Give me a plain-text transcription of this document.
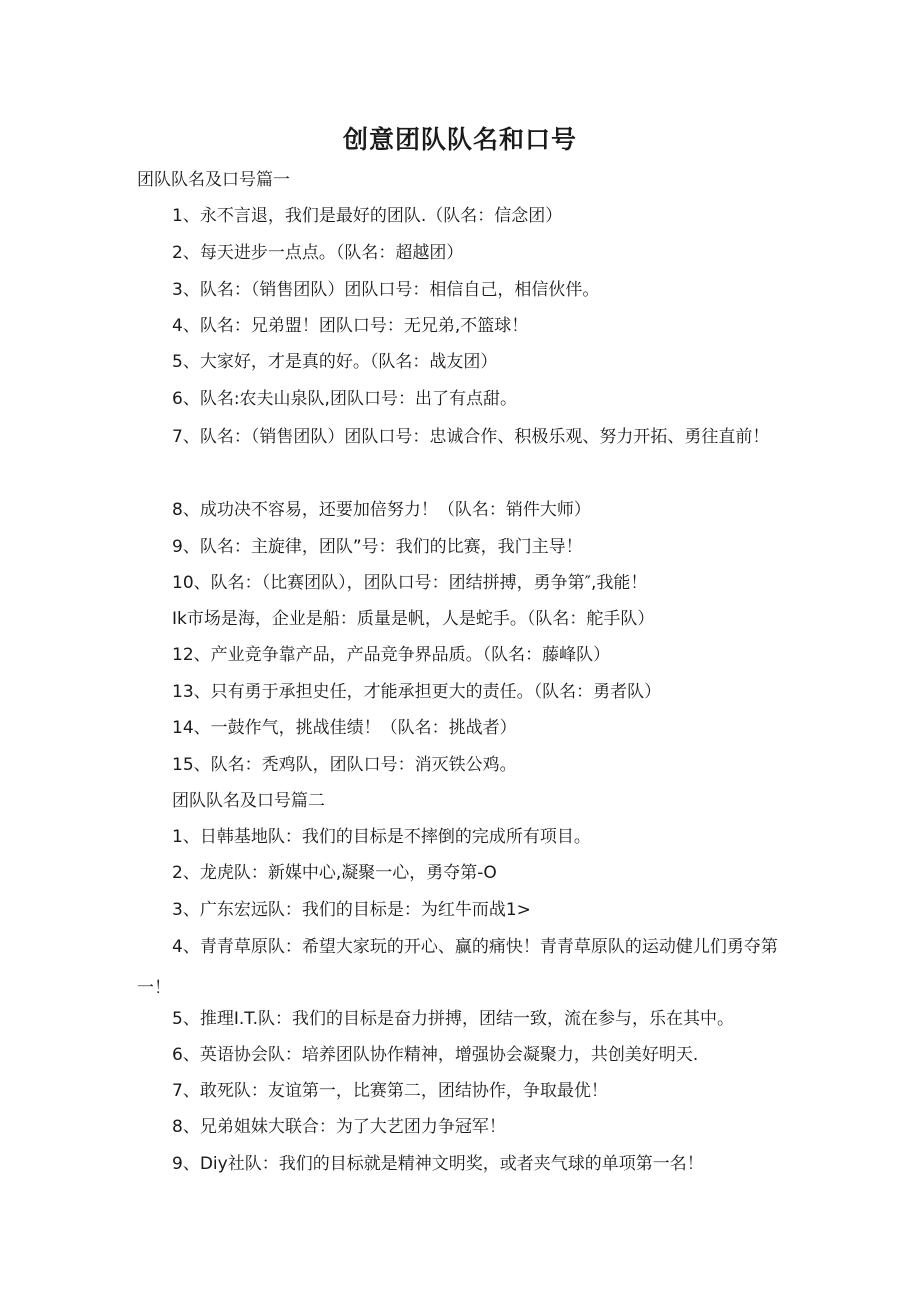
创意团队队名和口号
团队队名及口号篇一
1、永不言退，我们是最好的团队.（队名：信念团）
2、每天进步一点点。（队名：超越团）
3、队名：（销售团队）团队口号：相信自己，相信伙伴。
4、队名：兄弟盟！团队口号：无兄弟,不篮球！
5、大家好，才是真的好。（队名：战友团）
6、队名:农夫山泉队,团队口号：出了有点甜。
7、队名：（销售团队）团队口号：忠诚合作、积极乐观、努力开拓、勇往直前！
8、成功决不容易，还要加倍努力！（队名：销件大师）
9、队名：主旋律，团队”号：我们的比赛，我门主导！
10、队名：（比赛团队），团队口号：团结拼搏，勇争第″,我能！
Ik市场是海，企业是船：质量是帆，人是蛇手。（队名：舵手队）
12、产业竞争靠产品，产品竞争界品质。（队名：藤峰队）
13、只有勇于承担史任，才能承担更大的责任。（队名：勇者队）
14、一鼓作气，挑战佳绩！（队名：挑战者）
15、队名：秃鸡队，团队口号：消灭铁公鸡。
团队队名及口号篇二
1、日韩基地队：我们的目标是不摔倒的完成所有项目。
2、龙虎队：新媒中心,凝聚一心，勇夺第-O
3、广东宏远队：我们的目标是：为红牛而战1>
4、青青草原队：希望大家玩的开心、赢的痛快！青青草原队的运动健儿们勇夺第一！
5、推理I.T.队：我们的目标是奋力拼搏，团结一致，流在参与，乐在其中。
6、英语协会队：培养团队协作精神，增强协会凝聚力，共创美好明天.
7、敢死队：友谊第一，比赛第二，团结协作，争取最优！
8、兄弟姐妹大联合：为了大艺团力争冠军！
9、Diy社队：我们的目标就是精神文明奖，或者夹气球的单项第一名！
